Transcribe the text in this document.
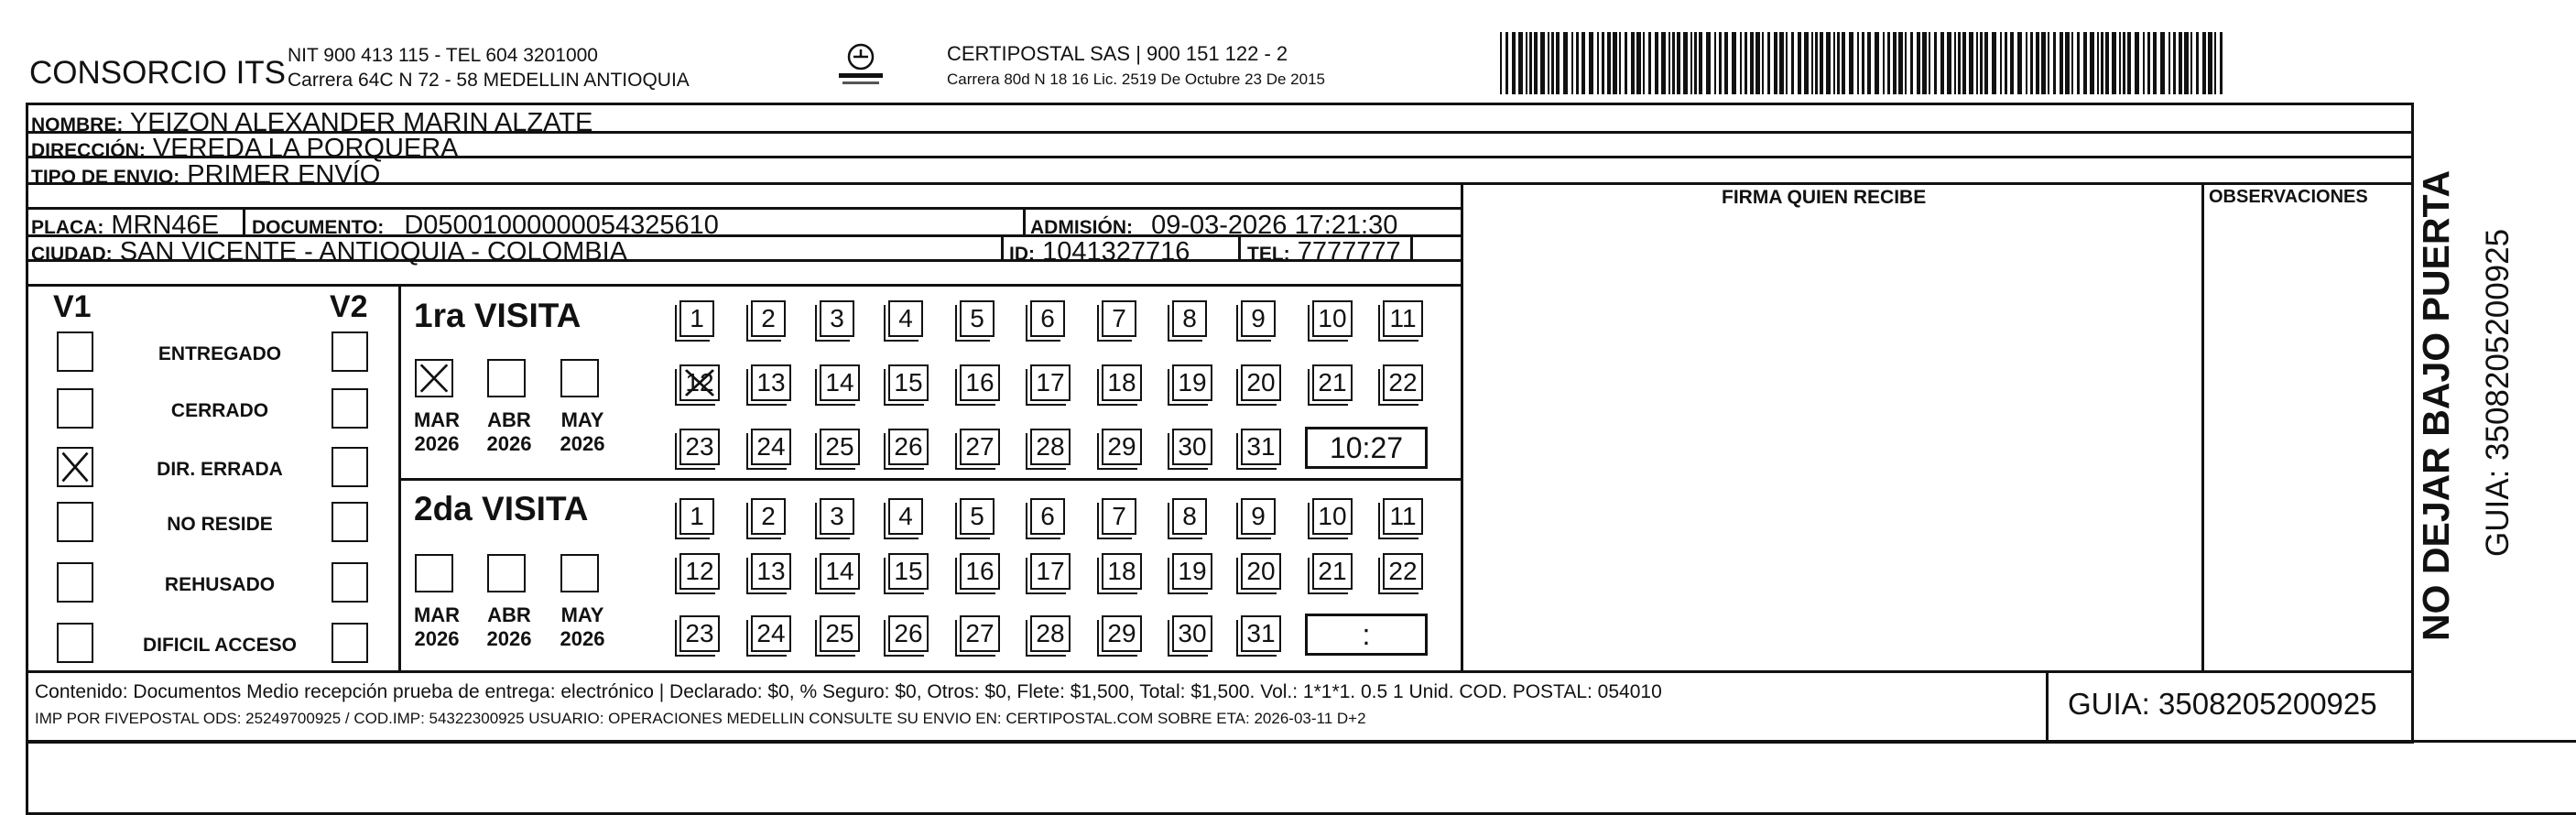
CONSORCIO ITS NIT 900 413 115 - TEL 604 3201000
Carrera 64C N 72 - 58 MEDELLIN ANTIOQUIA
CERTIPOSTAL SAS | 900 151 122 - 2
Carrera 80d N 18 16 Lic. 2519 De Octubre 23 De 2015
NOMBRE: YEIZON ALEXANDER MARIN ALZATE
DIRECCIÓN: VEREDA LA PORQUERA
TIPO DE ENVIO: PRIMER ENVÍO
FIRMA QUIEN RECIBE	OBSERVACIONES
PLACA: MRN46E DOCUMENTO: D05001000000054325610	ADMISIÓN: 09-03-2026 17:21:30
CIUDAD: SAN VICENTE - ANTIOQUIA - COLOMBIA	ID: 1041327716	TEL: 7777777
V1	V2
ENTREGADO
CERRADO
DIR. ERRADA
NO RESIDE
REHUSADO
DIFICIL ACCESO
1ra VISITA
2da VISITA
MAR
2026
ABR
2026
MAY
2026
MAR
2026
ABR
2026
MAY
2026
1	2	3	4	5	6	7	8	9	10 11
12 13 14 15 16 17 18 19 20 21 22
23 24 25 26 27 28 29 30 31	10:27
1	2	3	4	5	6	7	8	9	10 11
12 13 14 15 16 17 18 19 20 21 22
23 24 25 26 27 28 29 30 31	:
Contenido: Documentos Medio recepción prueba de entrega: electrónico | Declarado: $0, % Seguro: $0, Otros: $0, Flete: $1,500, Total: $1,500. Vol.: 1*1*1. 0.5 1 Unid. COD. POSTAL: 054010
IMP POR FIVEPOSTAL ODS: 25249700925 / COD.IMP: 54322300925 USUARIO: OPERACIONES MEDELLIN CONSULTE SU ENVIO EN: CERTIPOSTAL.COM SOBRE ETA: 2026-03-11 D+2	GUIA: 3508205200925
NO DEJAR BAJO PUERTA GUIA: 3508205200925
